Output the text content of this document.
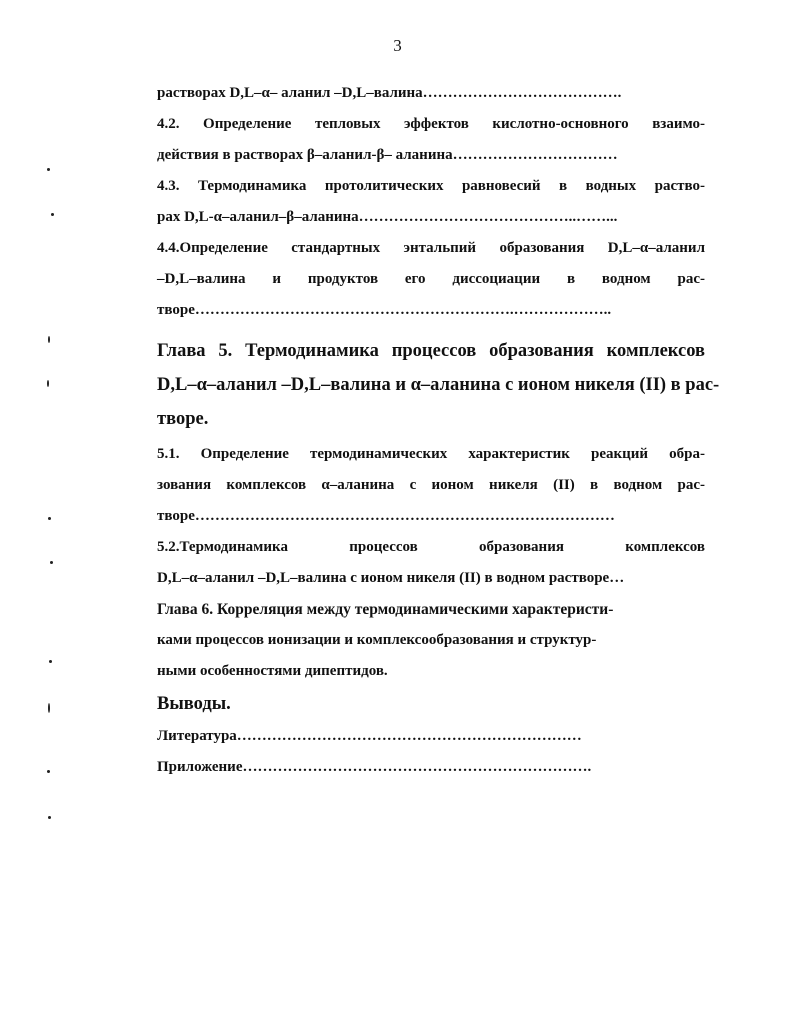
3
растворах D,L–α– аланил –D,L–валина………………………………….
4.2. Определение тепловых эффектов кислотно-основного взаимо-
действия в растворах β–аланил-β– аланина……………………………
4.3. Термодинамика протолитических равновесий в водных раство-
рах D,L-α–аланил–β–аланина……………………………………..……...
4.4.Определение стандартных энтальпий образования D,L–α–аланил
–D,L–валина и продуктов его диссоциации в водном рас-
творе……………………………………………………….………………..
Глава 5. Термодинамика процессов образования комплексов
D,L–α–аланил –D,L–валина и α–аланина с ионом никеля (II) в рас-
творе.
5.1. Определение термодинамических характеристик реакций обра-
зования комплексов α–аланина с ионом никеля (II) в водном рас-
творе…………………………………………………………………………
5.2.Термодинамика процессов образования комплексов
D,L–α–аланил –D,L–валина с ионом никеля (II) в водном растворе…
Глава 6. Корреляция между термодинамическими характеристи-
ками процессов ионизации и комплексообразования и структур-
ными особенностями дипептидов.
Выводы.
Литература……………………………………………………………
Приложение…………………………………………………………….
